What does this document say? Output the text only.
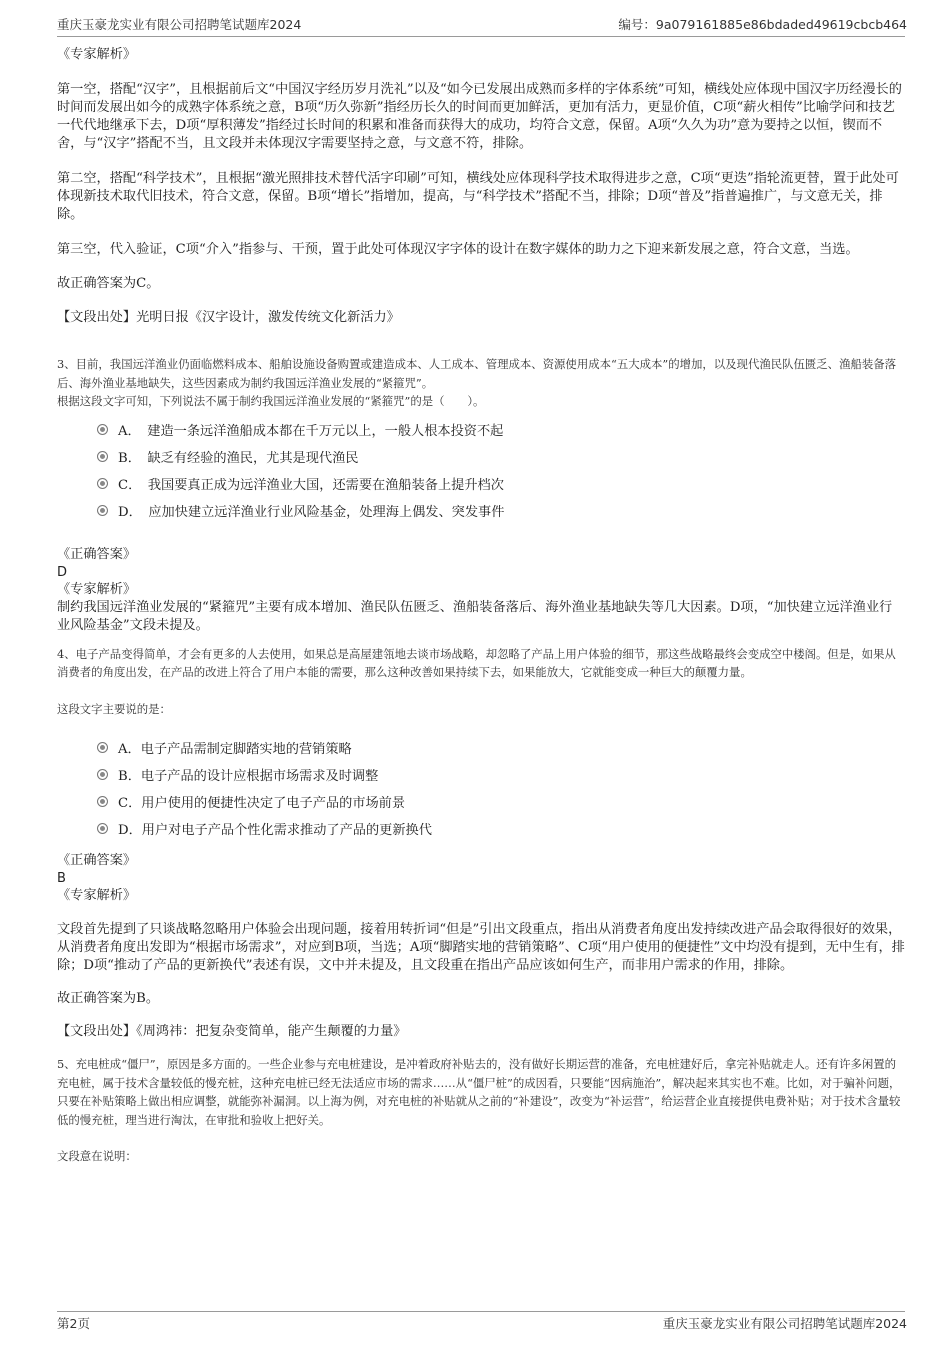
重庆玉豪龙实业有限公司招聘笔试题库2024	编号：9a079161885e86bdaded49619cbcb464

《专家解析》

第一空，搭配“汉字”，且根据前后文“中国汉字经历岁月洗礼”以及“如今已发展出成熟而多样的字体系统”可知，横线处应体现中国汉字历经漫长的时间而发展出如今的成熟字体系统之意，B项“历久弥新”指经历长久的时间而更加鲜活，更加有活力，更显价值，C项“薪火相传”比喻学问和技艺一代代地继承下去，D项“厚积薄发”指经过长时间的积累和准备而获得大的成功，均符合文意，保留。A项“久久为功”意为要持之以恒，锲而不舍，与“汉字”搭配不当，且文段并未体现汉字需要坚持之意，与文意不符，排除。

第二空，搭配“科学技术”，且根据“激光照排技术替代活字印刷”可知，横线处应体现科学技术取得进步之意，C项“更迭”指轮流更替，置于此处可体现新技术取代旧技术，符合文意，保留。B项“增长”指增加，提高，与“科学技术”搭配不当，排除；D项“普及”指普遍推广，与文意无关，排除。

第三空，代入验证，C项“介入”指参与、干预，置于此处可体现汉字字体的设计在数字媒体的助力之下迎来新发展之意，符合文意，当选。

故正确答案为C。

【文段出处】光明日报《汉字设计，激发传统文化新活力》

3、目前，我国远洋渔业仍面临燃料成本、船舶设施设备购置或建造成本、人工成本、管理成本、资源使用成本“五大成本”的增加，以及现代渔民队伍匮乏、渔船装备落后、海外渔业基地缺失，这些因素成为制约我国远洋渔业发展的“紧箍咒”。

根据这段文字可知，下列说法不属于制约我国远洋渔业发展的“紧箍咒”的是（　　）。

A．　建造一条远洋渔船成本都在千万元以上，一般人根本投资不起
B．　缺乏有经验的渔民，尤其是现代渔民
C．　我国要真正成为远洋渔业大国，还需要在渔船装备上提升档次
D．　应加快建立远洋渔业行业风险基金，处理海上偶发、突发事件

《正确答案》

D

《专家解析》

制约我国远洋渔业发展的“紧箍咒”主要有成本增加、渔民队伍匮乏、渔船装备落后、海外渔业基地缺失等几大因素。D项，“加快建立远洋渔业行业风险基金”文段未提及。

4、电子产品变得简单，才会有更多的人去使用，如果总是高屋建瓴地去谈市场战略，却忽略了产品上用户体验的细节，那这些战略最终会变成空中楼阁。但是，如果从消费者的角度出发，在产品的改进上符合了用户本能的需要，那么这种改善如果持续下去，如果能放大，它就能变成一种巨大的颠覆力量。

这段文字主要说的是：

A．电子产品需制定脚踏实地的营销策略
B．电子产品的设计应根据市场需求及时调整
C．用户使用的便捷性决定了电子产品的市场前景
D．用户对电子产品个性化需求推动了产品的更新换代

《正确答案》

B

《专家解析》

文段首先提到了只谈战略忽略用户体验会出现问题，接着用转折词“但是”引出文段重点，指出从消费者角度出发持续改进产品会取得很好的效果，从消费者角度出发即为“根据市场需求”，对应到B项，当选；A项“脚踏实地的营销策略”、C项“用户使用的便捷性”文中均没有提到，无中生有，排除；D项“推动了产品的更新换代”表述有误，文中并未提及，且文段重在指出产品应该如何生产，而非用户需求的作用，排除。

故正确答案为B。

【文段出处】《周鸿祎：把复杂变简单，能产生颠覆的力量》

5、充电桩成“僵尸”，原因是多方面的。一些企业参与充电桩建设，是冲着政府补贴去的，没有做好长期运营的准备，充电桩建好后，拿完补贴就走人。还有许多闲置的充电桩，属于技术含量较低的慢充桩，这种充电桩已经无法适应市场的需求……从“僵尸桩”的成因看，只要能“因病施治”，解决起来其实也不难。比如，对于骗补问题，只要在补贴策略上做出相应调整，就能弥补漏洞。以上海为例，对充电桩的补贴就从之前的“补建设”，改变为“补运营”，给运营企业直接提供电费补贴；对于技术含量较低的慢充桩，理当进行淘汰，在审批和验收上把好关。

文段意在说明：

第2页	重庆玉豪龙实业有限公司招聘笔试题库2024
